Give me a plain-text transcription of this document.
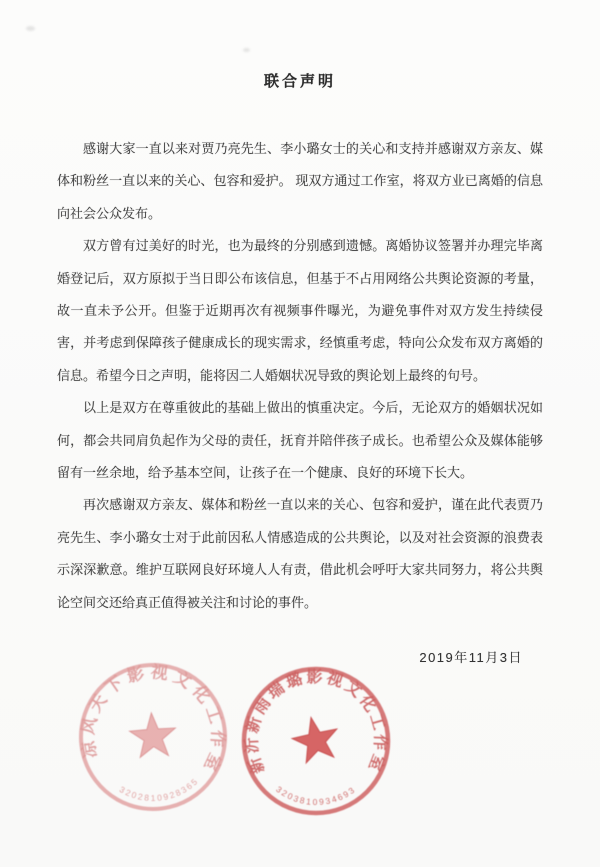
联合声明

感谢大家一直以来对贾乃亮先生、李小璐女士的关心和支持并感谢双方亲友、媒体和粉丝一直以来的关心、包容和爱护。 现双方通过工作室，将双方业已离婚的信息向社会公众发布。

双方曾有过美好的时光，也为最终的分别感到遗憾。离婚协议签署并办理完毕离婚登记后，双方原拟于当日即公布该信息，但基于不占用网络公共舆论资源的考量，故一直未予公开。但鉴于近期再次有视频事件曝光，为避免事件对双方发生持续侵害，并考虑到保障孩子健康成长的现实需求，经慎重考虑，特向公众发布双方离婚的信息。希望今日之声明，能将因二人婚姻状况导致的舆论划上最终的句号。

以上是双方在尊重彼此的基础上做出的慎重决定。今后，无论双方的婚姻状况如何，都会共同肩负起作为父母的责任，抚育并陪伴孩子成长。也希望公众及媒体能够留有一丝余地，给予基本空间，让孩子在一个健康、良好的环境下长大。

再次感谢双方亲友、媒体和粉丝一直以来的关心、包容和爱护，谨在此代表贾乃亮先生、李小璐女士对于此前因私人情感造成的公共舆论，以及对社会资源的浪费表示深深歉意。维护互联网良好环境人人有责，借此机会呼吁大家共同努力，将公共舆论空间交还给真正值得被关注和讨论的事件。

2019年11月3日
凉风天下影视文化工作室
3202810928365
新沂新雨瑞璐影视文化工作室
3203810934693
